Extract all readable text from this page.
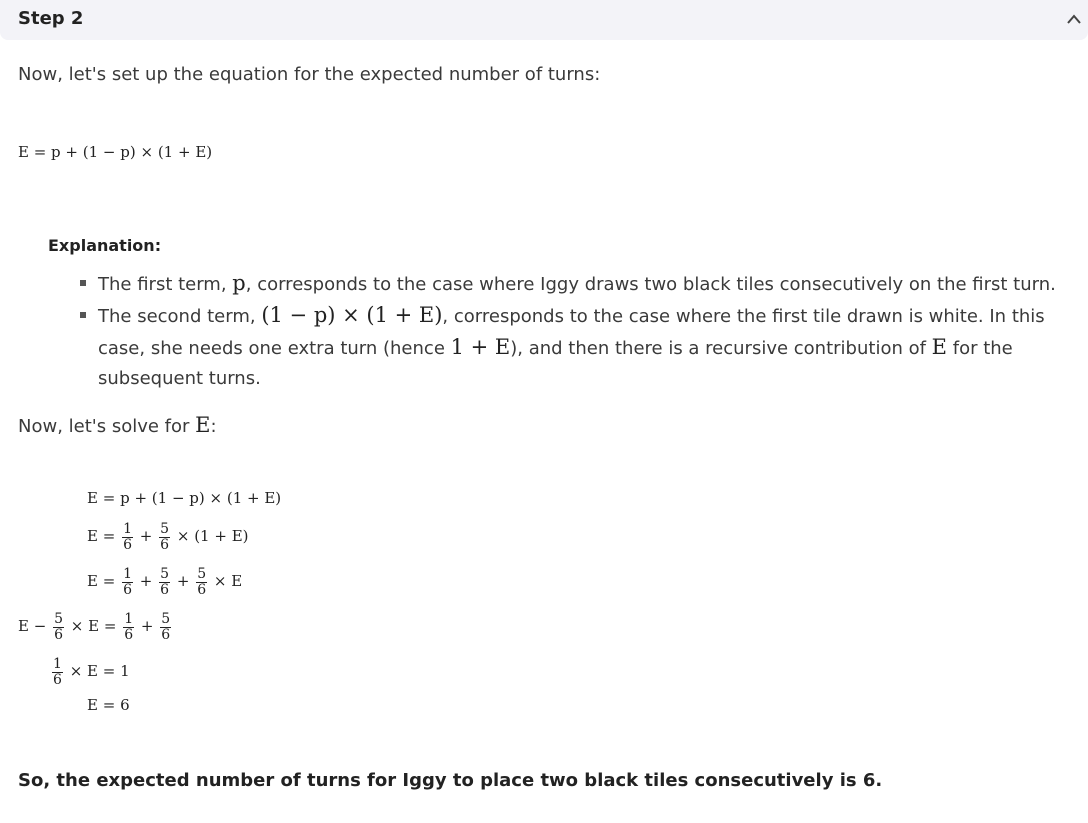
Step 2
Now, let's set up the equation for the expected number of turns:
E = p + (1 − p) × (1 + E)
Explanation:
The first term, p, corresponds to the case where Iggy draws two black tiles consecutively on the first turn.
The second term, (1 − p) × (1 + E), corresponds to the case where the first tile drawn is white. In this
case, she needs one extra turn (hence 1 + E), and then there is a recursive contribution of E for the
subsequent turns.
Now, let's solve for E:
E = p + (1 − p) × (1 + E)
$E = \frac{1}{6} + \frac{5}{6} \times (1 + E)$
$E = \frac{1}{6} + \frac{5}{6} + \frac{5}{6} \times E$
$E - \frac{5}{6} \times E = \frac{1}{6} + \frac{5}{6}$
$\frac{1}{6} \times E = 1$
E = 6
So, the expected number of turns for Iggy to place two black tiles consecutively is 6.
